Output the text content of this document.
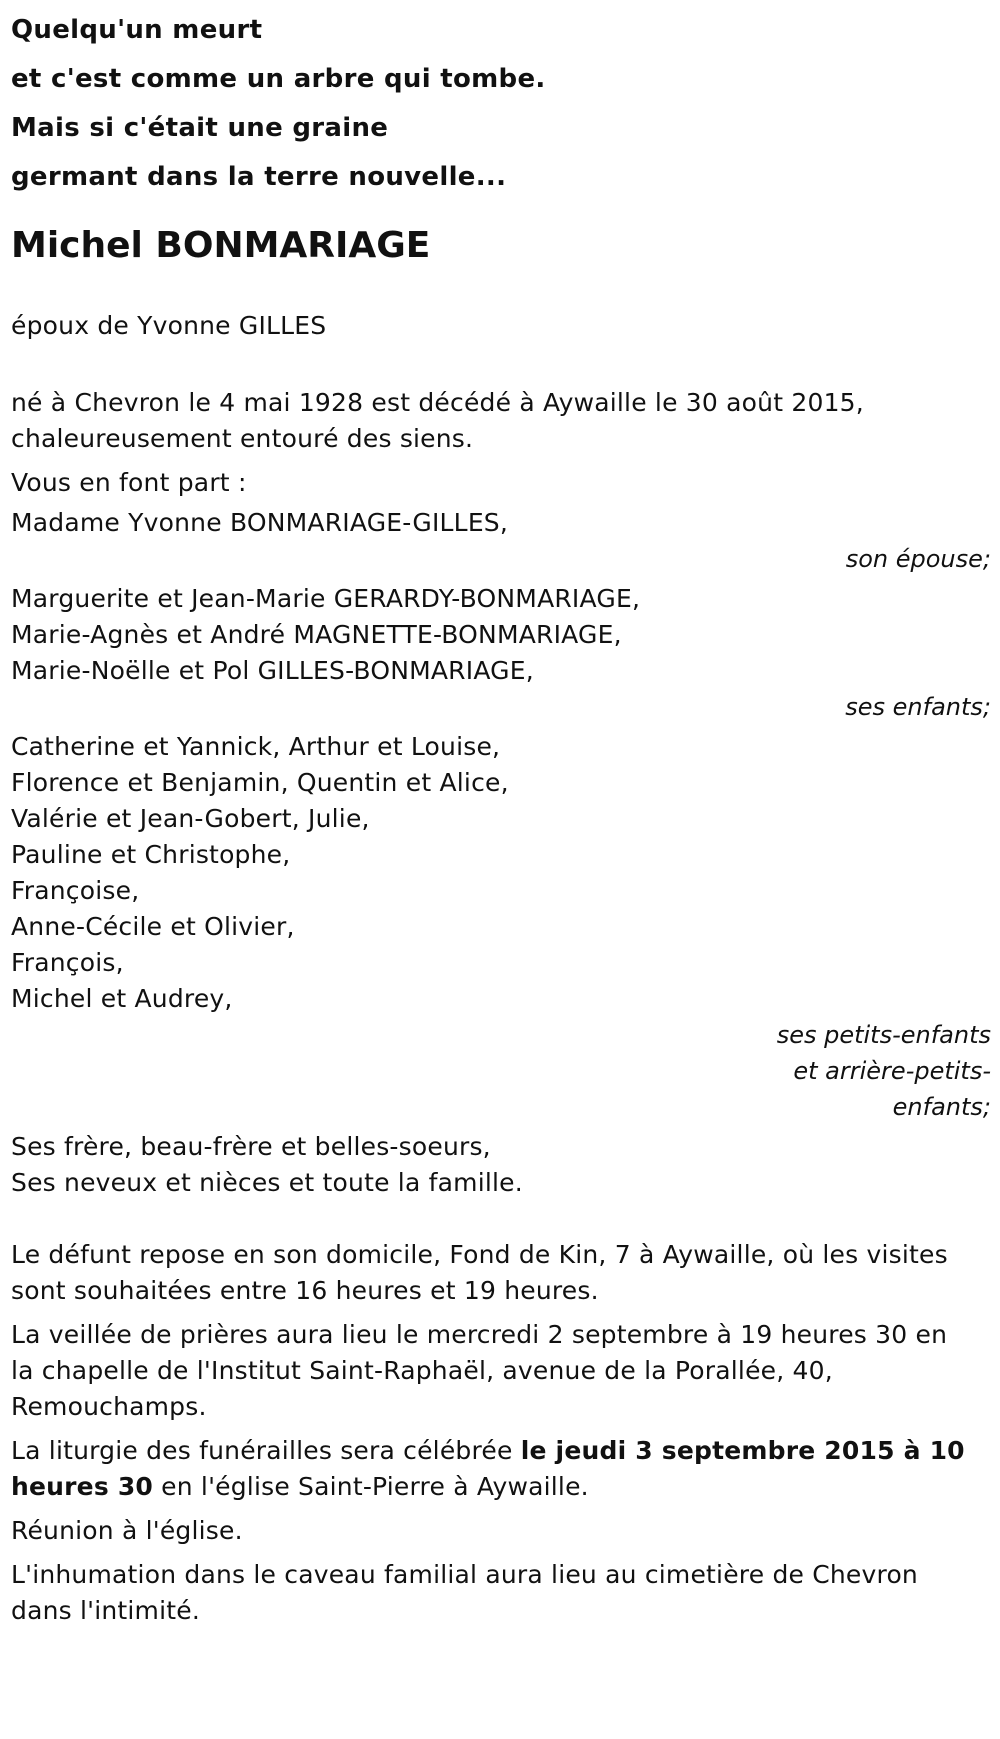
Quelqu'un meurt

et c'est comme un arbre qui tombe.

Mais si c'était une graine

germant dans la terre nouvelle...

Michel BONMARIAGE

époux de Yvonne GILLES

né à Chevron le 4 mai 1928 est décédé à Aywaille le 30 août 2015,

chaleureusement entouré des siens.

Vous en font part :

Madame Yvonne BONMARIAGE-GILLES,

son épouse;

Marguerite et Jean-Marie GERARDY-BONMARIAGE,

Marie-Agnès et André MAGNETTE-BONMARIAGE,

Marie-Noëlle et Pol GILLES-BONMARIAGE,

ses enfants;

Catherine et Yannick, Arthur et Louise,

Florence et Benjamin, Quentin et Alice,

Valérie et Jean-Gobert, Julie,

Pauline et Christophe,

Françoise,

Anne-Cécile et Olivier,

François,

Michel et Audrey,

ses petits-enfants

et arrière-petits-

enfants;

Ses frère, beau-frère et belles-soeurs,

Ses neveux et nièces et toute la famille.

Le défunt repose en son domicile, Fond de Kin, 7 à Aywaille, où les visites

sont souhaitées entre 16 heures et 19 heures.

La veillée de prières aura lieu le mercredi 2 septembre à 19 heures 30 en

la chapelle de l'Institut Saint-Raphaël, avenue de la Porallée, 40,

Remouchamps.

La liturgie des funérailles sera célébrée le jeudi 3 septembre 2015 à 10

heures 30 en l'église Saint-Pierre à Aywaille.

Réunion à l'église.

L'inhumation dans le caveau familial aura lieu au cimetière de Chevron

dans l'intimité.
